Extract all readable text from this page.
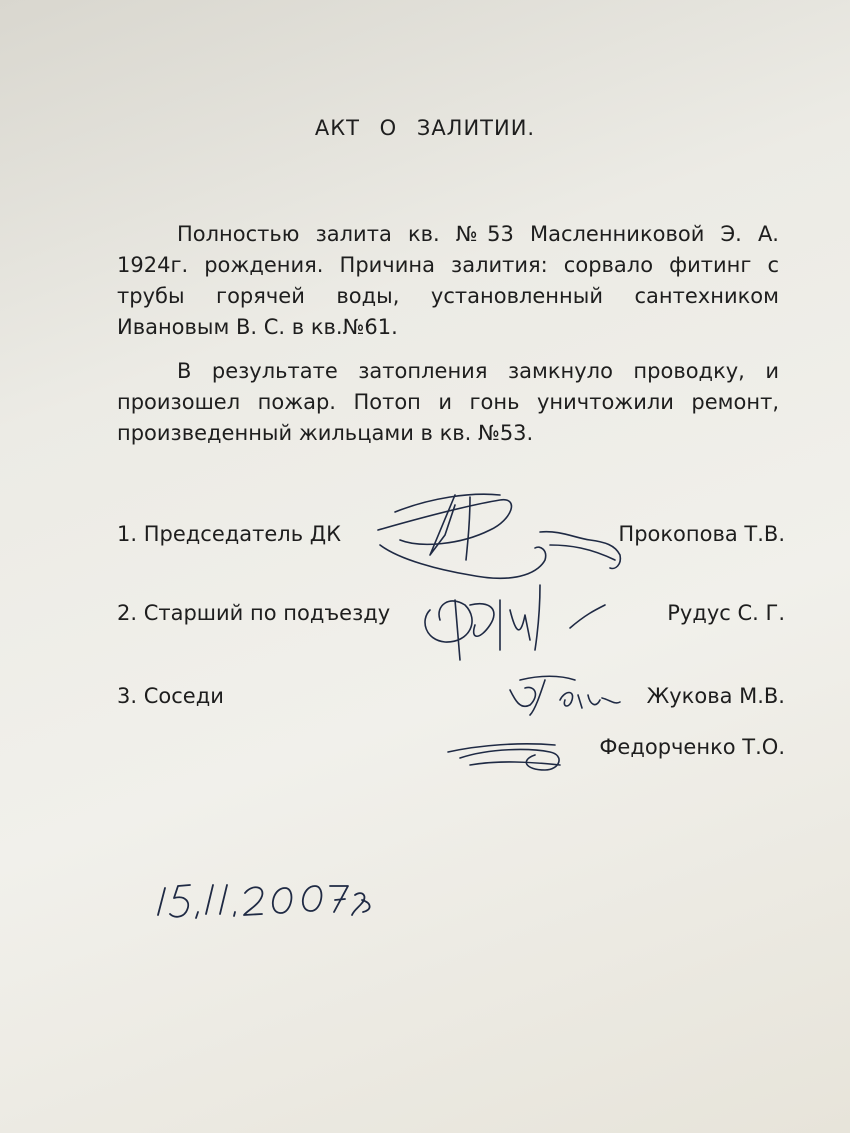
АКТ О ЗАЛИТИИ.

Полностью залита кв. №53 Масленниковой Э. А. 1924г. рождения. Причина залития: сорвало фитинг с трубы горячей воды, установленный сантехником Ивановым В. С. в кв.№61.

В результате затопления замкнуло проводку, и произошел пожар. Потоп и гонь уничтожили ремонт, произведенный жильцами в кв. №53.

1. Председатель ДК	Прокопова Т.В.
2. Старший по подъезду	Рудус С. Г.
3. Соседи	Жукова М.В.
Федорченко Т.О.
